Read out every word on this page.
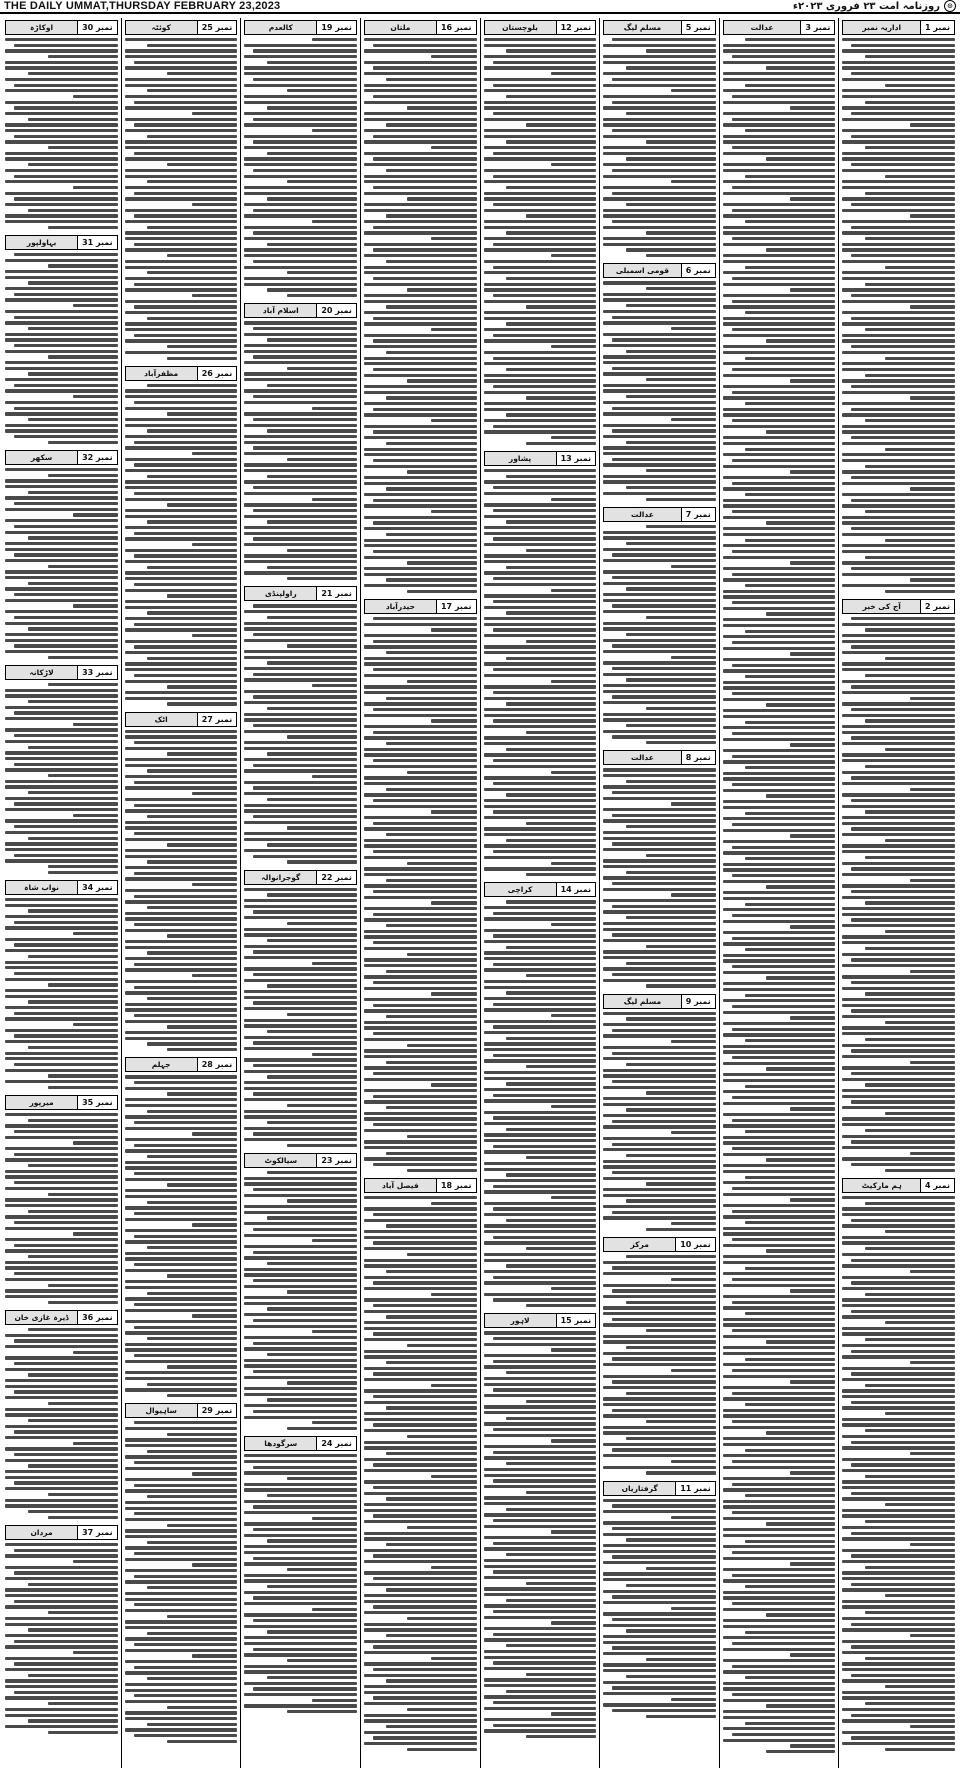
THE DAILY UMMAT,THURSDAY FEBRUARY 23,2023	⊙
روزنامہ امت ۲۳ فروری ۲۰۲۳ء
نمبر 1
اداریہ نمبر
نمبر 2
آج کی خبر
نمبر 4
ہم مارکیٹ
نمبر 3
عدالت
نمبر 5
مسلم لیگ
نمبر 6
قومی اسمبلی
نمبر 7
عدالت
نمبر 8
عدالت
نمبر 9
مسلم لیگ
نمبر 10
مرکز
نمبر 11
گرفتاریاں
نمبر 12
بلوچستان
نمبر 13
پشاور
نمبر 14
کراچی
نمبر 15
لاہور
نمبر 16
ملتان
نمبر 17
حیدرآباد
نمبر 18
فیصل آباد
نمبر 19
کالعدم
نمبر 20
اسلام آباد
نمبر 21
راولپنڈی
نمبر 22
گوجرانوالہ
نمبر 23
سیالکوٹ
نمبر 24
سرگودھا
نمبر 25
کوئٹہ
نمبر 26
مظفرآباد
نمبر 27
اٹک
نمبر 28
جہلم
نمبر 29
ساہیوال
نمبر 30
اوکاڑہ
نمبر 31
بہاولپور
نمبر 32
سکھر
نمبر 33
لاڑکانہ
نمبر 34
نواب شاہ
نمبر 35
میرپور
نمبر 36
ڈیرہ غازی خان
نمبر 37
مردان
